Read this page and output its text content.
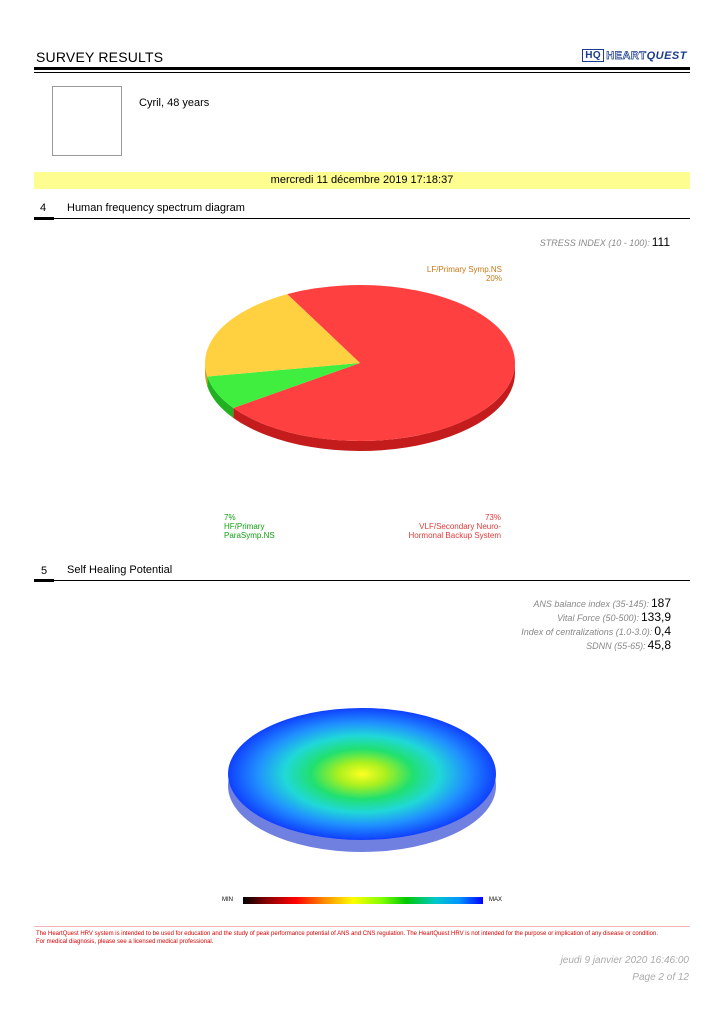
SURVEY RESULTS	HQ HEART QUEST
Cyril, 48 years
mercredi 11 décembre 2019 17:18:37
4 Human frequency spectrum diagram
STRESS INDEX (10 - 100): 111
LF/Primary Symp.NS
20%
7%
HF/Primary
ParaSymp.NS
73%
VLF/Secondary Neuro-
Hormonal Backup System
5 Self Healing Potential
ANS balance index (35-145): 187
Vital Force (50-500): 133,9
Index of centralizations (1.0-3.0): 0,4
SDNN (55-65): 45,8
MIN	MAX
The HeartQuest HRV system is intended to be used for education and the study of peak performance potential of ANS and CNS regulation. The HeartQuest HRV is not intended for the purpose or implication of any disease or condition.
For medical diagnosis, please see a licensed medical professional.
jeudi 9 janvier 2020 16:46:00
Page 2 of 12
